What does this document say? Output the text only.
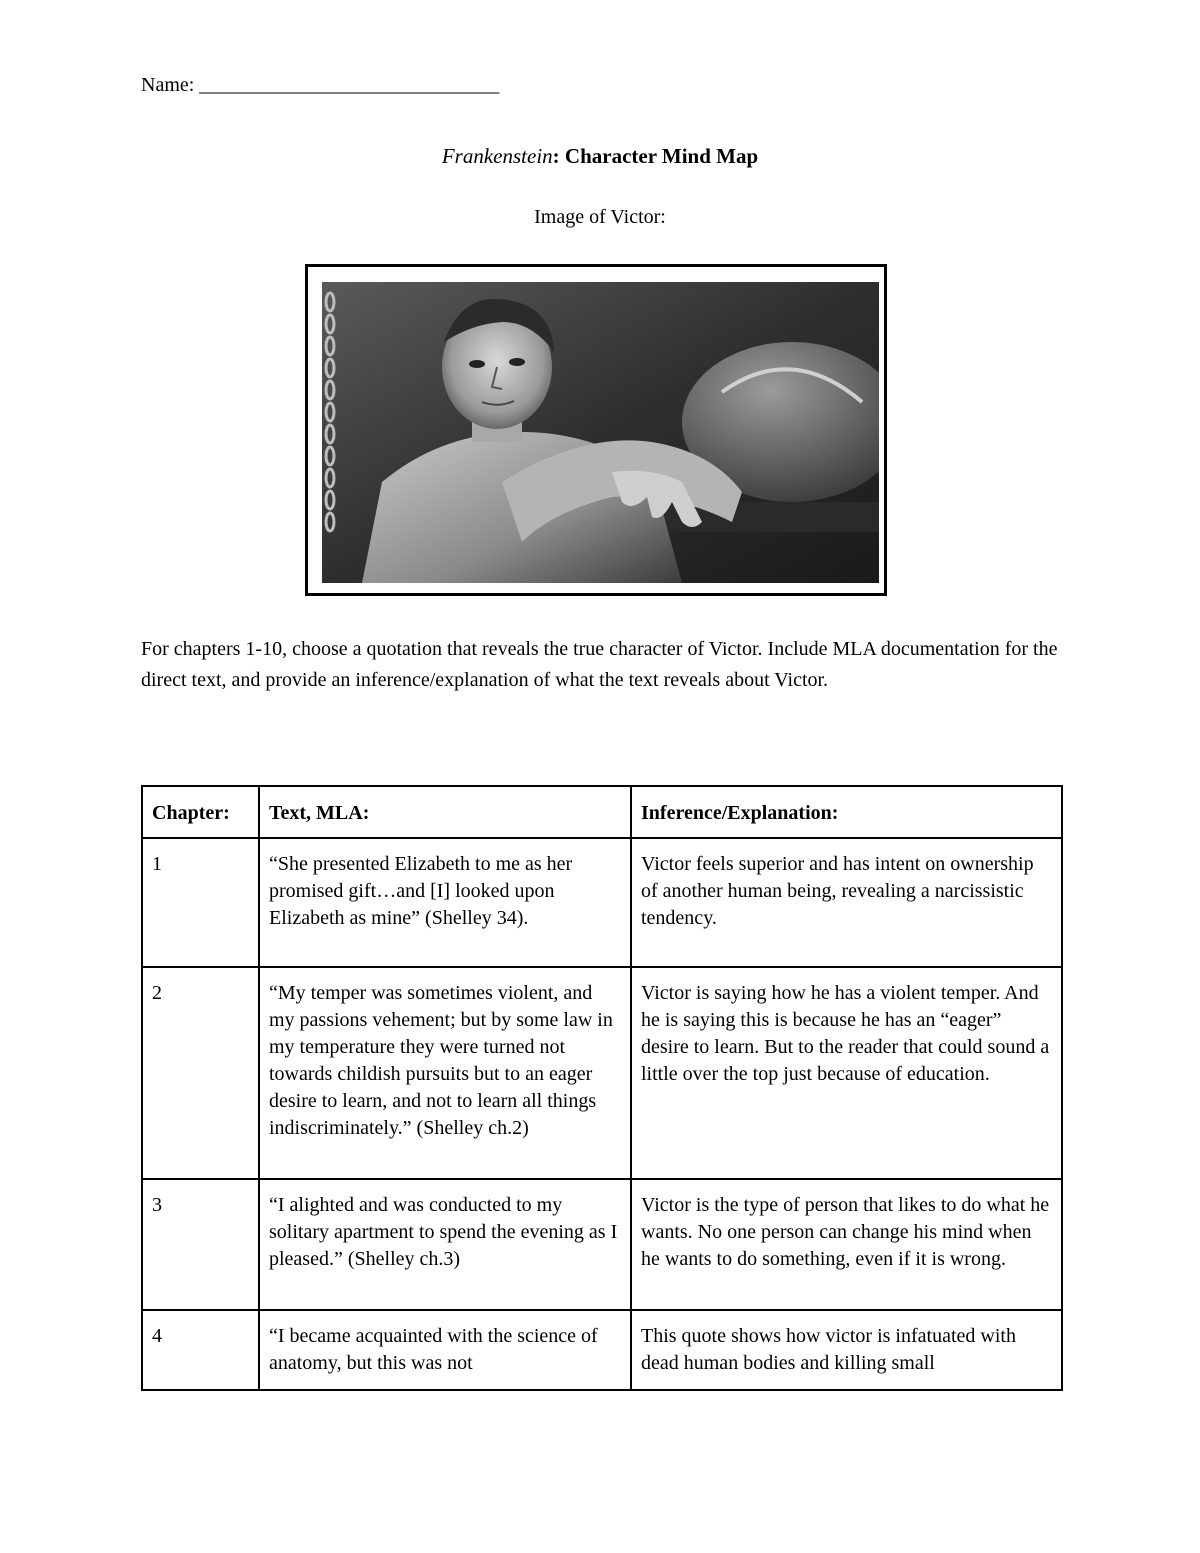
Name: ______________________________
Frankenstein: Character Mind Map
Image of Victor:
For chapters 1-10, choose a quotation that reveals the true character of Victor. Include MLA documentation for the direct text, and provide an inference/explanation of what the text reveals about Victor.
Chapter:	Text, MLA:	Inference/Explanation:
1	“She presented Elizabeth to me as her promised gift…and [I] looked upon Elizabeth as mine” (Shelley 34).	Victor feels superior and has intent on ownership of another human being, revealing a narcissistic tendency.
2	“My temper was sometimes violent, and my passions vehement; but by some law in my temperature they were turned not towards childish pursuits but to an eager desire to learn, and not to learn all things indiscriminately.” (Shelley ch.2)	Victor is saying how he has a violent temper. And he is saying this is because he has an “eager” desire to learn. But to the reader that could sound a little over the top just because of education.
3	“I alighted and was conducted to my solitary apartment to spend the evening as I pleased.” (Shelley ch.3)	Victor is the type of person that likes to do what he wants. No one person can change his mind when he wants to do something, even if it is wrong.

4	“I became acquainted with the science of anatomy, but this was not	This quote shows how victor is infatuated with dead human bodies and killing small
